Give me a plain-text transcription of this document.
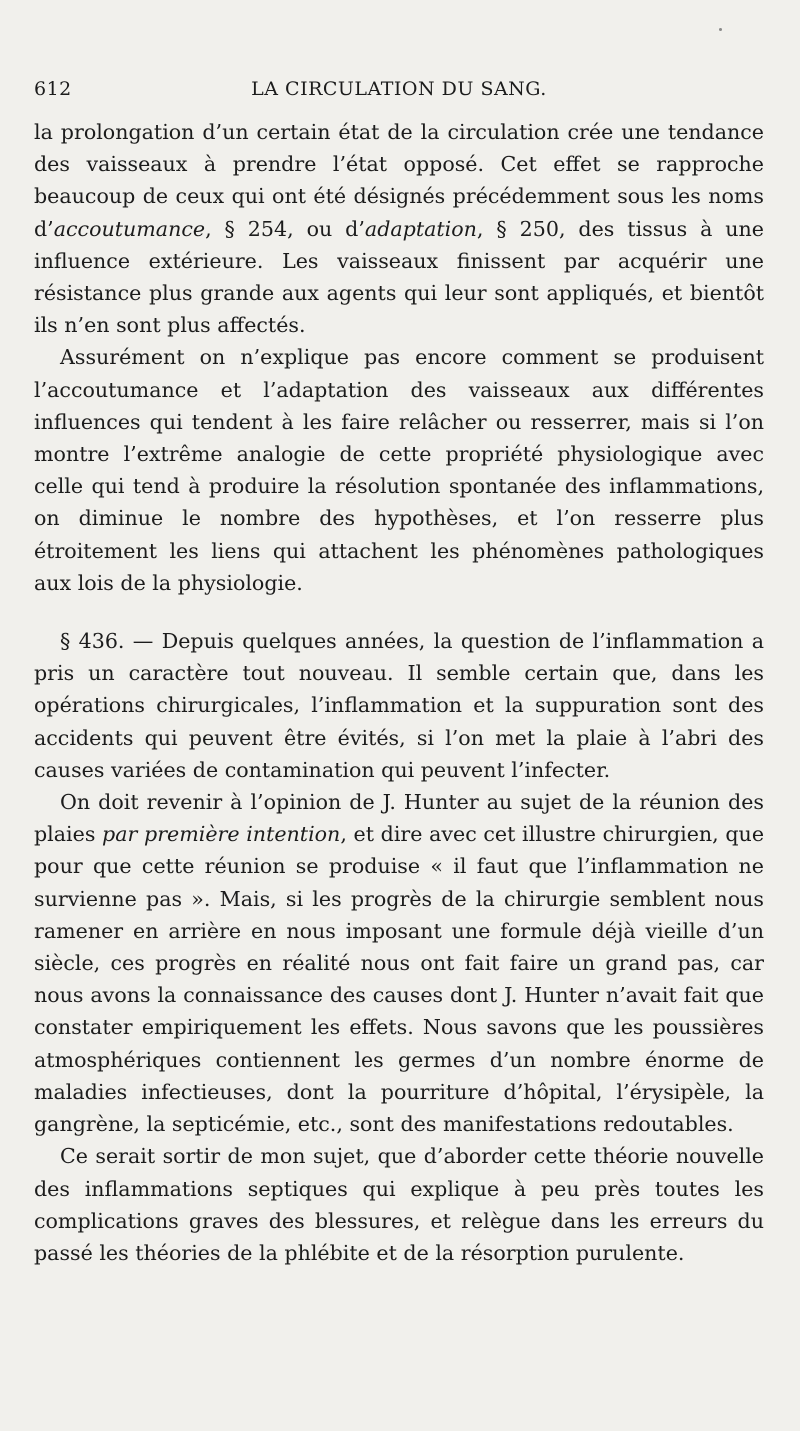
612	LA CIRCULATION DU SANG.

la prolongation d’un certain état de la circulation crée une tendance des vaisseaux à prendre l’état opposé. Cet effet se rapproche beaucoup de ceux qui ont été désignés précédemment sous les noms d’accoutumance, § 254, ou d’adaptation, § 250, des tissus à une influence extérieure. Les vaisseaux finissent par acquérir une résistance plus grande aux agents qui leur sont appliqués, et bientôt ils n’en sont plus affectés.

Assurément on n’explique pas encore comment se produisent l’accoutumance et l’adaptation des vaisseaux aux différentes influences qui tendent à les faire relâcher ou resserrer, mais si l’on montre l’extrême analogie de cette propriété physiologique avec celle qui tend à produire la résolution spontanée des inflammations, on diminue le nombre des hypothèses, et l’on resserre plus étroitement les liens qui attachent les phénomènes pathologiques aux lois de la physiologie.

§ 436. — Depuis quelques années, la question de l’inflammation a pris un caractère tout nouveau. Il semble certain que, dans les opérations chirurgicales, l’inflammation et la suppuration sont des accidents qui peuvent être évités, si l’on met la plaie à l’abri des causes variées de contamination qui peuvent l’infecter.

On doit revenir à l’opinion de J. Hunter au sujet de la réunion des plaies par première intention, et dire avec cet illustre chirurgien, que pour que cette réunion se produise « il faut que l’inflammation ne survienne pas ». Mais, si les progrès de la chirurgie semblent nous ramener en arrière en nous imposant une formule déjà vieille d’un siècle, ces progrès en réalité nous ont fait faire un grand pas, car nous avons la connaissance des causes dont J. Hunter n’avait fait que constater empiriquement les effets. Nous savons que les poussières atmosphériques contiennent les germes d’un nombre énorme de maladies infectieuses, dont la pourriture d’hôpital, l’érysipèle, la gangrène, la septicémie, etc., sont des manifestations redoutables.

Ce serait sortir de mon sujet, que d’aborder cette théorie nouvelle des inflammations septiques qui explique à peu près toutes les complications graves des blessures, et relègue dans les erreurs du passé les théories de la phlébite et de la résorption purulente.
